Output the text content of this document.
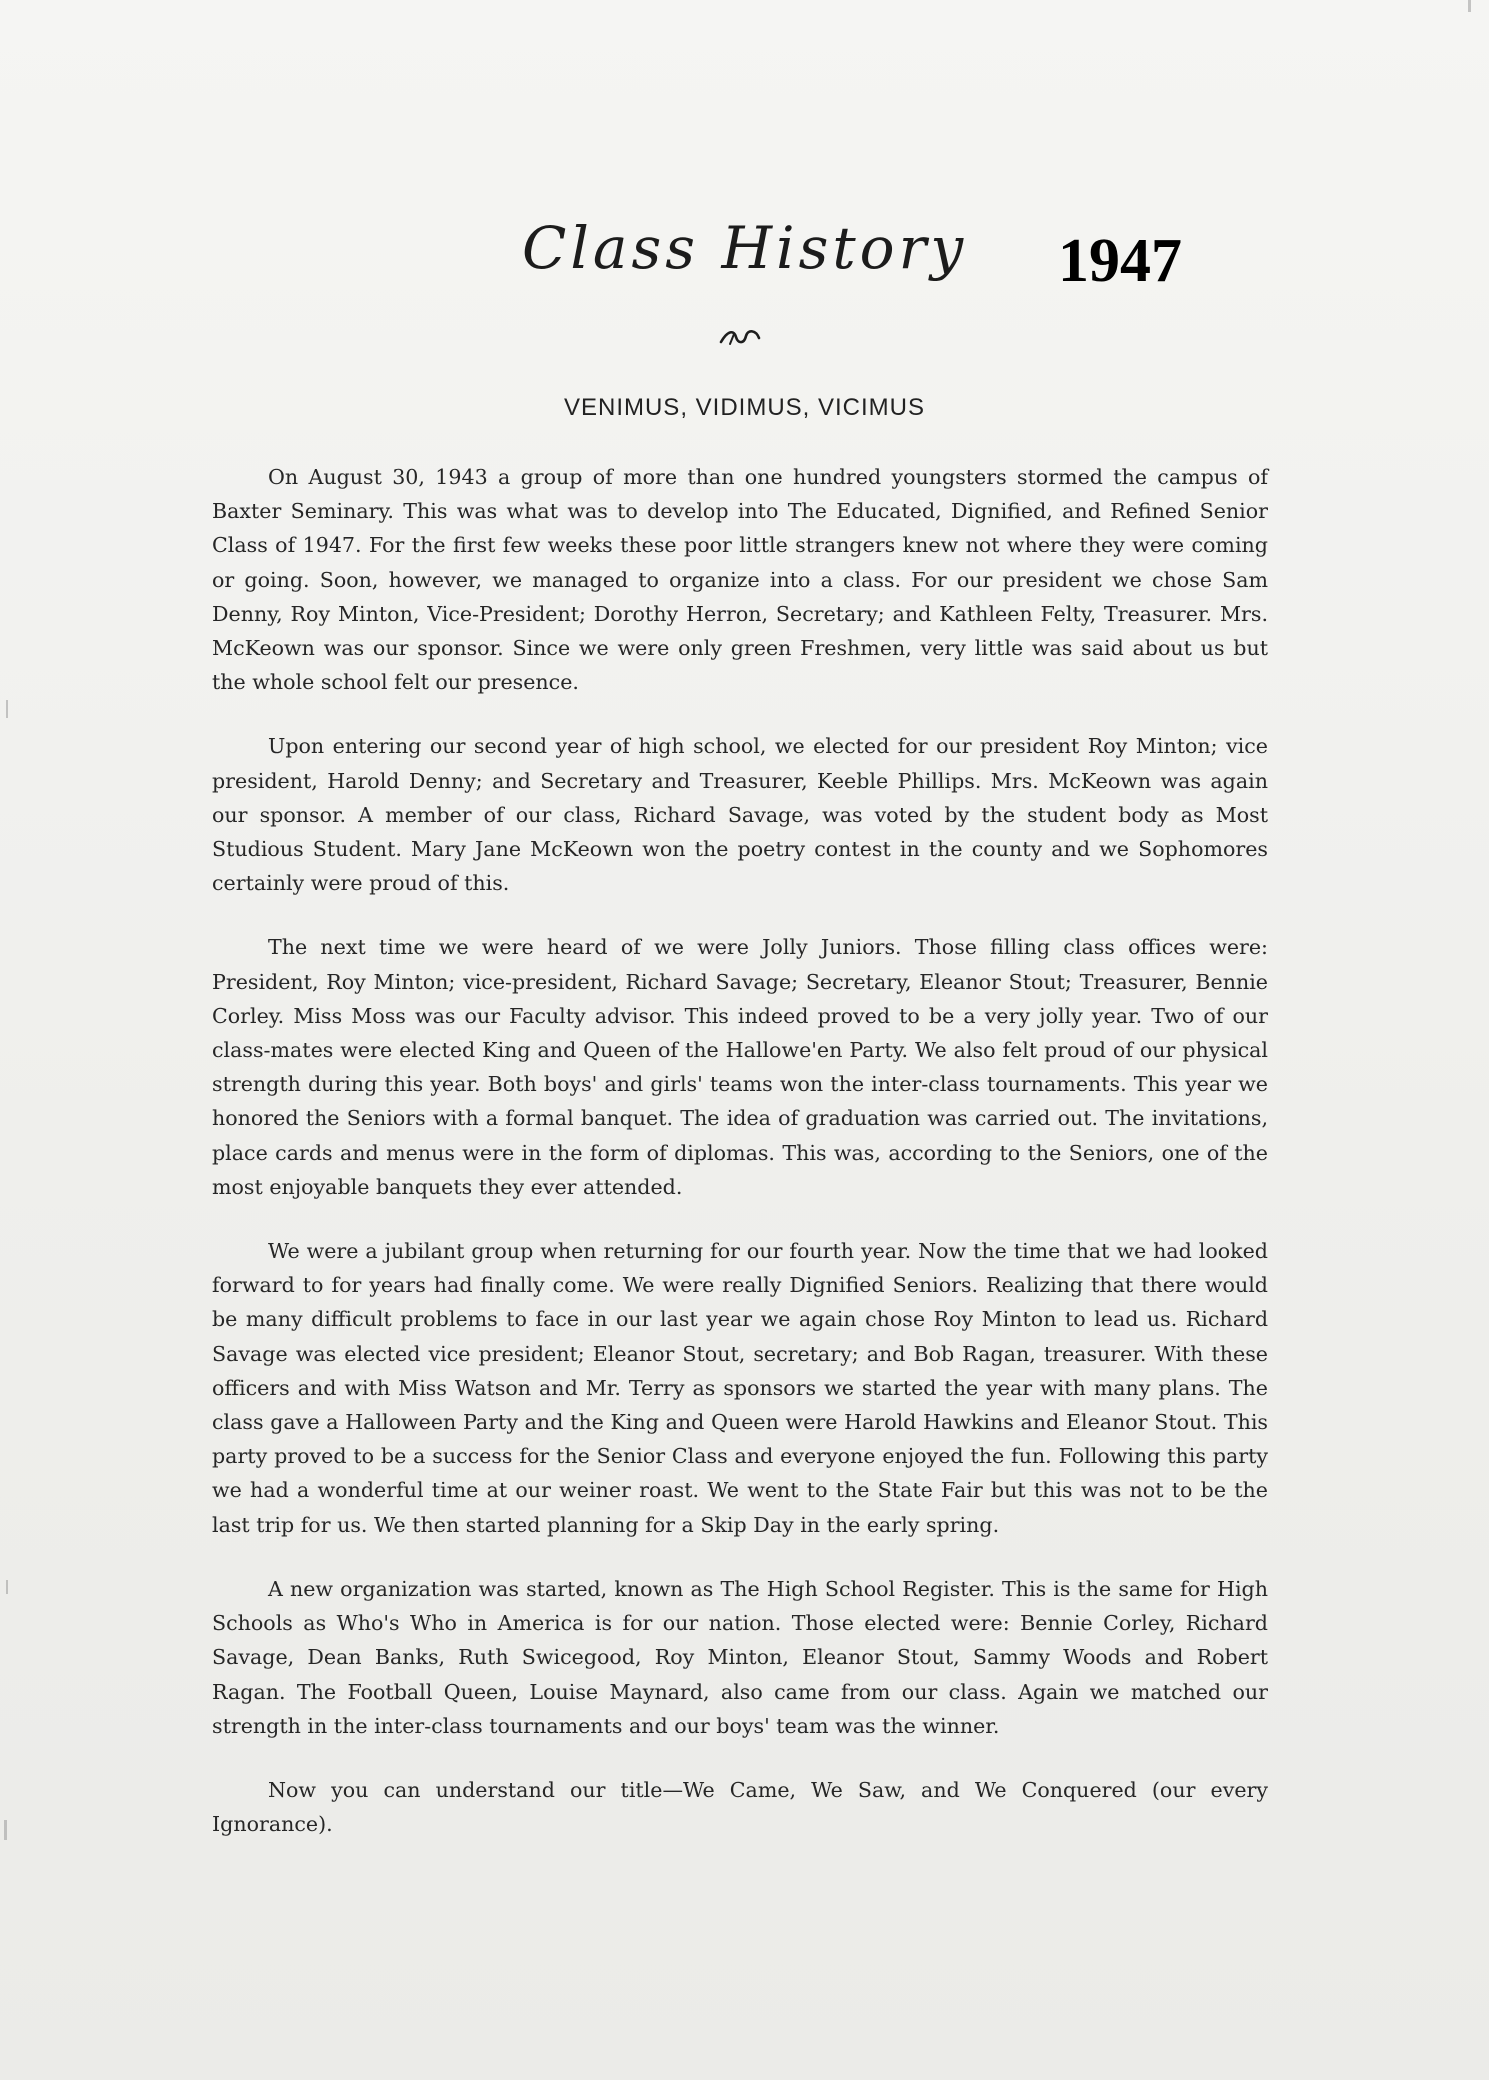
Class History 1947
VENIMUS, VIDIMUS, VICIMUS

On August 30, 1943 a group of more than one hundred youngsters stormed the campus of Baxter Seminary. This was what was to develop into The Educated, Dignified, and Refined Senior Class of 1947. For the first few weeks these poor little strangers knew not where they were coming or going. Soon, however, we managed to organize into a class. For our president we chose Sam Denny, Roy Minton, Vice-President; Dorothy Herron, Secretary; and Kathleen Felty, Treasurer. Mrs. McKeown was our sponsor. Since we were only green Freshmen, very little was said about us but the whole school felt our presence.

Upon entering our second year of high school, we elected for our president Roy Minton; vice president, Harold Denny; and Secretary and Treasurer, Keeble Phillips. Mrs. McKeown was again our sponsor. A member of our class, Richard Savage, was voted by the student body as Most Studious Student. Mary Jane McKeown won the poetry contest in the county and we Sophomores certainly were proud of this.

The next time we were heard of we were Jolly Juniors. Those filling class offices were: President, Roy Minton; vice-president, Richard Savage; Secretary, Eleanor Stout; Treasurer, Bennie Corley. Miss Moss was our Faculty advisor. This indeed proved to be a very jolly year. Two of our class-mates were elected King and Queen of the Hallowe'en Party. We also felt proud of our physical strength during this year. Both boys' and girls' teams won the inter-class tournaments. This year we honored the Seniors with a formal banquet. The idea of graduation was carried out. The invitations, place cards and menus were in the form of diplomas. This was, according to the Seniors, one of the most enjoyable banquets they ever attended.

We were a jubilant group when returning for our fourth year. Now the time that we had looked forward to for years had finally come. We were really Dignified Seniors. Realizing that there would be many difficult problems to face in our last year we again chose Roy Minton to lead us. Richard Savage was elected vice president; Eleanor Stout, secretary; and Bob Ragan, treasurer. With these officers and with Miss Watson and Mr. Terry as sponsors we started the year with many plans. The class gave a Halloween Party and the King and Queen were Harold Hawkins and Eleanor Stout. This party proved to be a success for the Senior Class and everyone enjoyed the fun. Following this party we had a wonderful time at our weiner roast. We went to the State Fair but this was not to be the last trip for us. We then started planning for a Skip Day in the early spring.

A new organization was started, known as The High School Register. This is the same for High Schools as Who's Who in America is for our nation. Those elected were: Bennie Corley, Richard Savage, Dean Banks, Ruth Swicegood, Roy Minton, Eleanor Stout, Sammy Woods and Robert Ragan. The Football Queen, Louise Maynard, also came from our class. Again we matched our strength in the inter-class tournaments and our boys' team was the winner.

Now you can understand our title—We Came, We Saw, and We Conquered (our every Ignorance).
